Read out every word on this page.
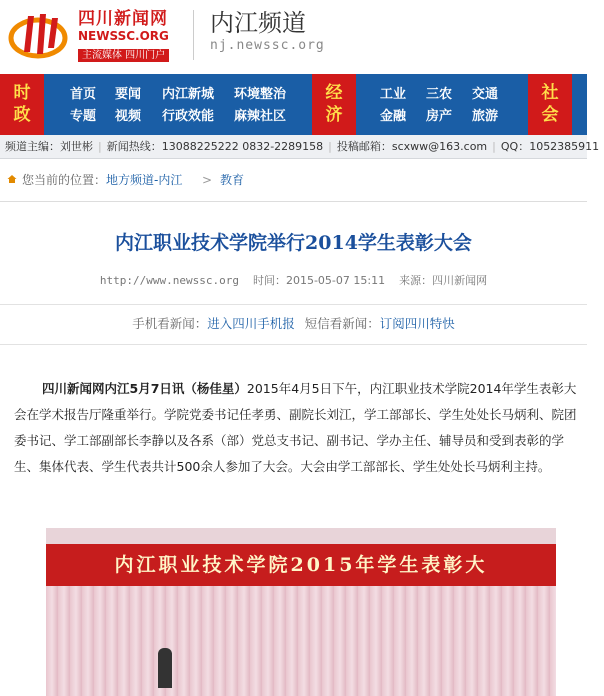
四川新闻网
NEWSSC.ORG
主流媒体 四川门户
内江频道
nj.newssc.org
时政
首页 要闻 内江新城 环境整治
专题 视频 行政效能 麻辣社区
经济
工业 三农 交通
金融 房产 旅游
社会
频道主编：刘世彬 | 新闻热线：13088225222 0832-2289158 | 投稿邮箱：scxww@163.com | QQ：1052385911
您当前的位置： 地方频道-内江 > 教育
内江职业技术学院举行2014学生表彰大会
http://www.newssc.org 时间：2015-05-07 15:11 来源：四川新闻网
手机看新闻：进入四川手机报 短信看新闻：订阅四川特快
四川新闻网内江5月7日讯（杨佳星）2015年4月5日下午，内江职业技术学院2014年学生表彰大会在学术报告厅隆重举行。学院党委书记任孝勇、副院长刘江，学工部部长、学生处处长马炳利、院团委书记、学工部副部长李静以及各系（部）党总支书记、副书记、学办主任、辅导员和受到表彰的学生、集体代表、学生代表共计500余人参加了大会。大会由学工部部长、学生处处长马炳利主持。
内江职业技术学院2015年学生表彰大
